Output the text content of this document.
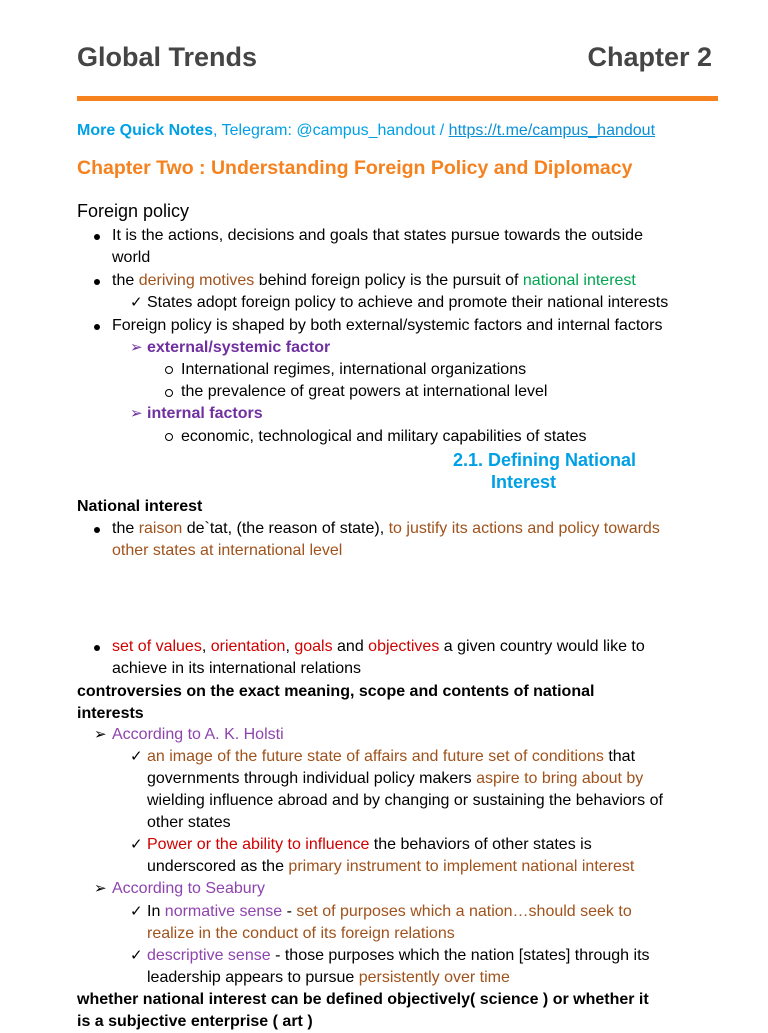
Global Trends	Chapter 2
More Quick Notes, Telegram: @campus_handout / https://t.me/campus_handout
Chapter Two : Understanding Foreign Policy and Diplomacy
Foreign policy
It is the actions, decisions and goals that states pursue towards the outside
world
the deriving motives behind foreign policy is the pursuit of national interest
✓ States adopt foreign policy to achieve and promote their national interests
Foreign policy is shaped by both external/systemic factors and internal factors
➢ external/systemic factor
International regimes, international organizations
the prevalence of great powers at international level
➢ internal factors
economic, technological and military capabilities of states
2.1. Defining National
Interest
National interest
the raison de`tat, (the reason of state), to justify its actions and policy towards
other states at international level
set of values, orientation, goals and objectives a given country would like to
achieve in its international relations
controversies on the exact meaning, scope and contents of national
interests
➢ According to A. K. Holsti
✓ an image of the future state of affairs and future set of conditions that
governments through individual policy makers aspire to bring about by
wielding influence abroad and by changing or sustaining the behaviors of
other states
✓ Power or the ability to influence the behaviors of other states is
underscored as the primary instrument to implement national interest
➢ According to Seabury
✓ In normative sense - set of purposes which a nation…should seek to
realize in the conduct of its foreign relations
✓ descriptive sense - those purposes which the nation [states] through its
leadership appears to pursue persistently over time
whether national interest can be defined objectively( science ) or whether it
is a subjective enterprise ( art )
